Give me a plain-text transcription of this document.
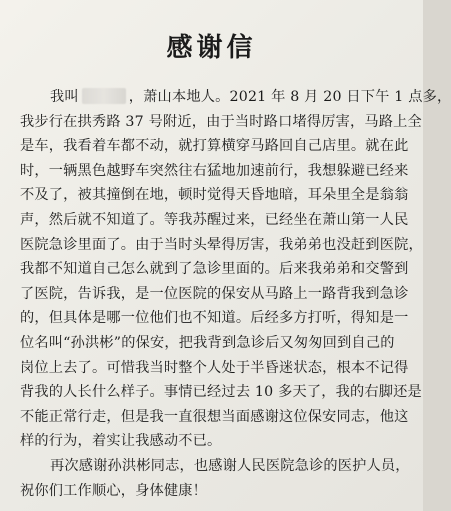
感谢信
我叫	，萧山本地人。2021 年 8 月 20 日下午 1 点多，
我步行在拱秀路 37 号附近，由于当时路口堵得厉害，马路上全
是车，我看着车都不动，就打算横穿马路回自己店里。就在此
时，一辆黑色越野车突然往右猛地加速前行，我想躲避已经来
不及了，被其撞倒在地，顿时觉得天昏地暗，耳朵里全是翁翁
声，然后就不知道了。等我苏醒过来，已经坐在萧山第一人民
医院急诊里面了。由于当时头晕得厉害，我弟弟也没赶到医院，
我都不知道自己怎么就到了急诊里面的。后来我弟弟和交警到
了医院，告诉我，是一位医院的保安从马路上一路背我到急诊
的，但具体是哪一位他们也不知道。后经多方打听，得知是一
位名叫“孙洪彬”的保安，把我背到急诊后又匆匆回到自己的
岗位上去了。可惜我当时整个人处于半昏迷状态，根本不记得
背我的人长什么样子。事情已经过去 10 多天了，我的右脚还是
不能正常行走，但是我一直很想当面感谢这位保安同志，他这
样的行为，着实让我感动不已。
再次感谢孙洪彬同志，也感谢人民医院急诊的医护人员，
祝你们工作顺心，身体健康！
